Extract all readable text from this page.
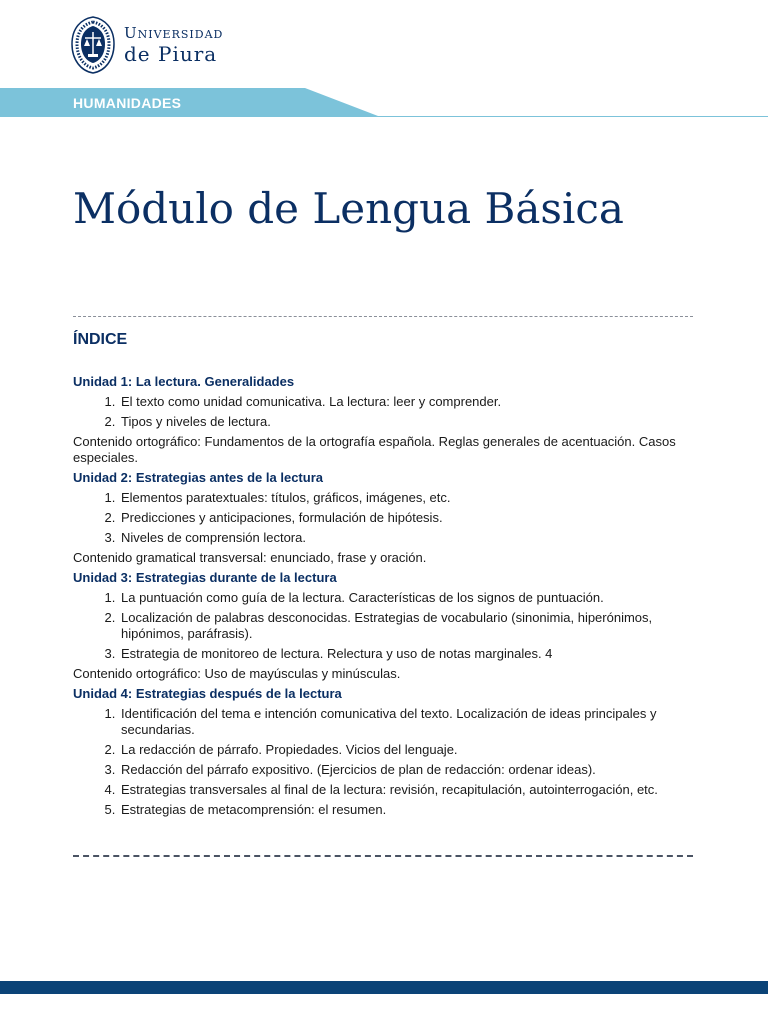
Universidad
de Piura
HUMANIDADES
Módulo de Lengua Básica
ÍNDICE

Unidad 1: La lectura. Generalidades

1. El texto como unidad comunicativa. La lectura: leer y comprender.
2. Tipos y niveles de lectura.

Contenido ortográfico: Fundamentos de la ortografía española. Reglas generales de acentuación. Casos especiales.

Unidad 2: Estrategias antes de la lectura

1. Elementos paratextuales: títulos, gráficos, imágenes, etc.
2. Predicciones y anticipaciones, formulación de hipótesis.
3. Niveles de comprensión lectora.

Contenido gramatical transversal: enunciado, frase y oración.

Unidad 3: Estrategias durante de la lectura

1. La puntuación como guía de la lectura. Características de los signos de puntuación.
2. Localización de palabras desconocidas. Estrategias de vocabulario (sinonimia, hiperónimos, hipónimos, paráfrasis).
3. Estrategia de monitoreo de lectura. Relectura y uso de notas marginales. 4

Contenido ortográfico: Uso de mayúsculas y minúsculas.

Unidad 4: Estrategias después de la lectura

1. Identificación del tema e intención comunicativa del texto. Localización de ideas principales y secundarias.
2. La redacción de párrafo. Propiedades. Vicios del lenguaje.
3. Redacción del párrafo expositivo. (Ejercicios de plan de redacción: ordenar ideas).
4. Estrategias transversales al final de la lectura: revisión, recapitulación, autointerrogación, etc.
5. Estrategias de metacomprensión: el resumen.
